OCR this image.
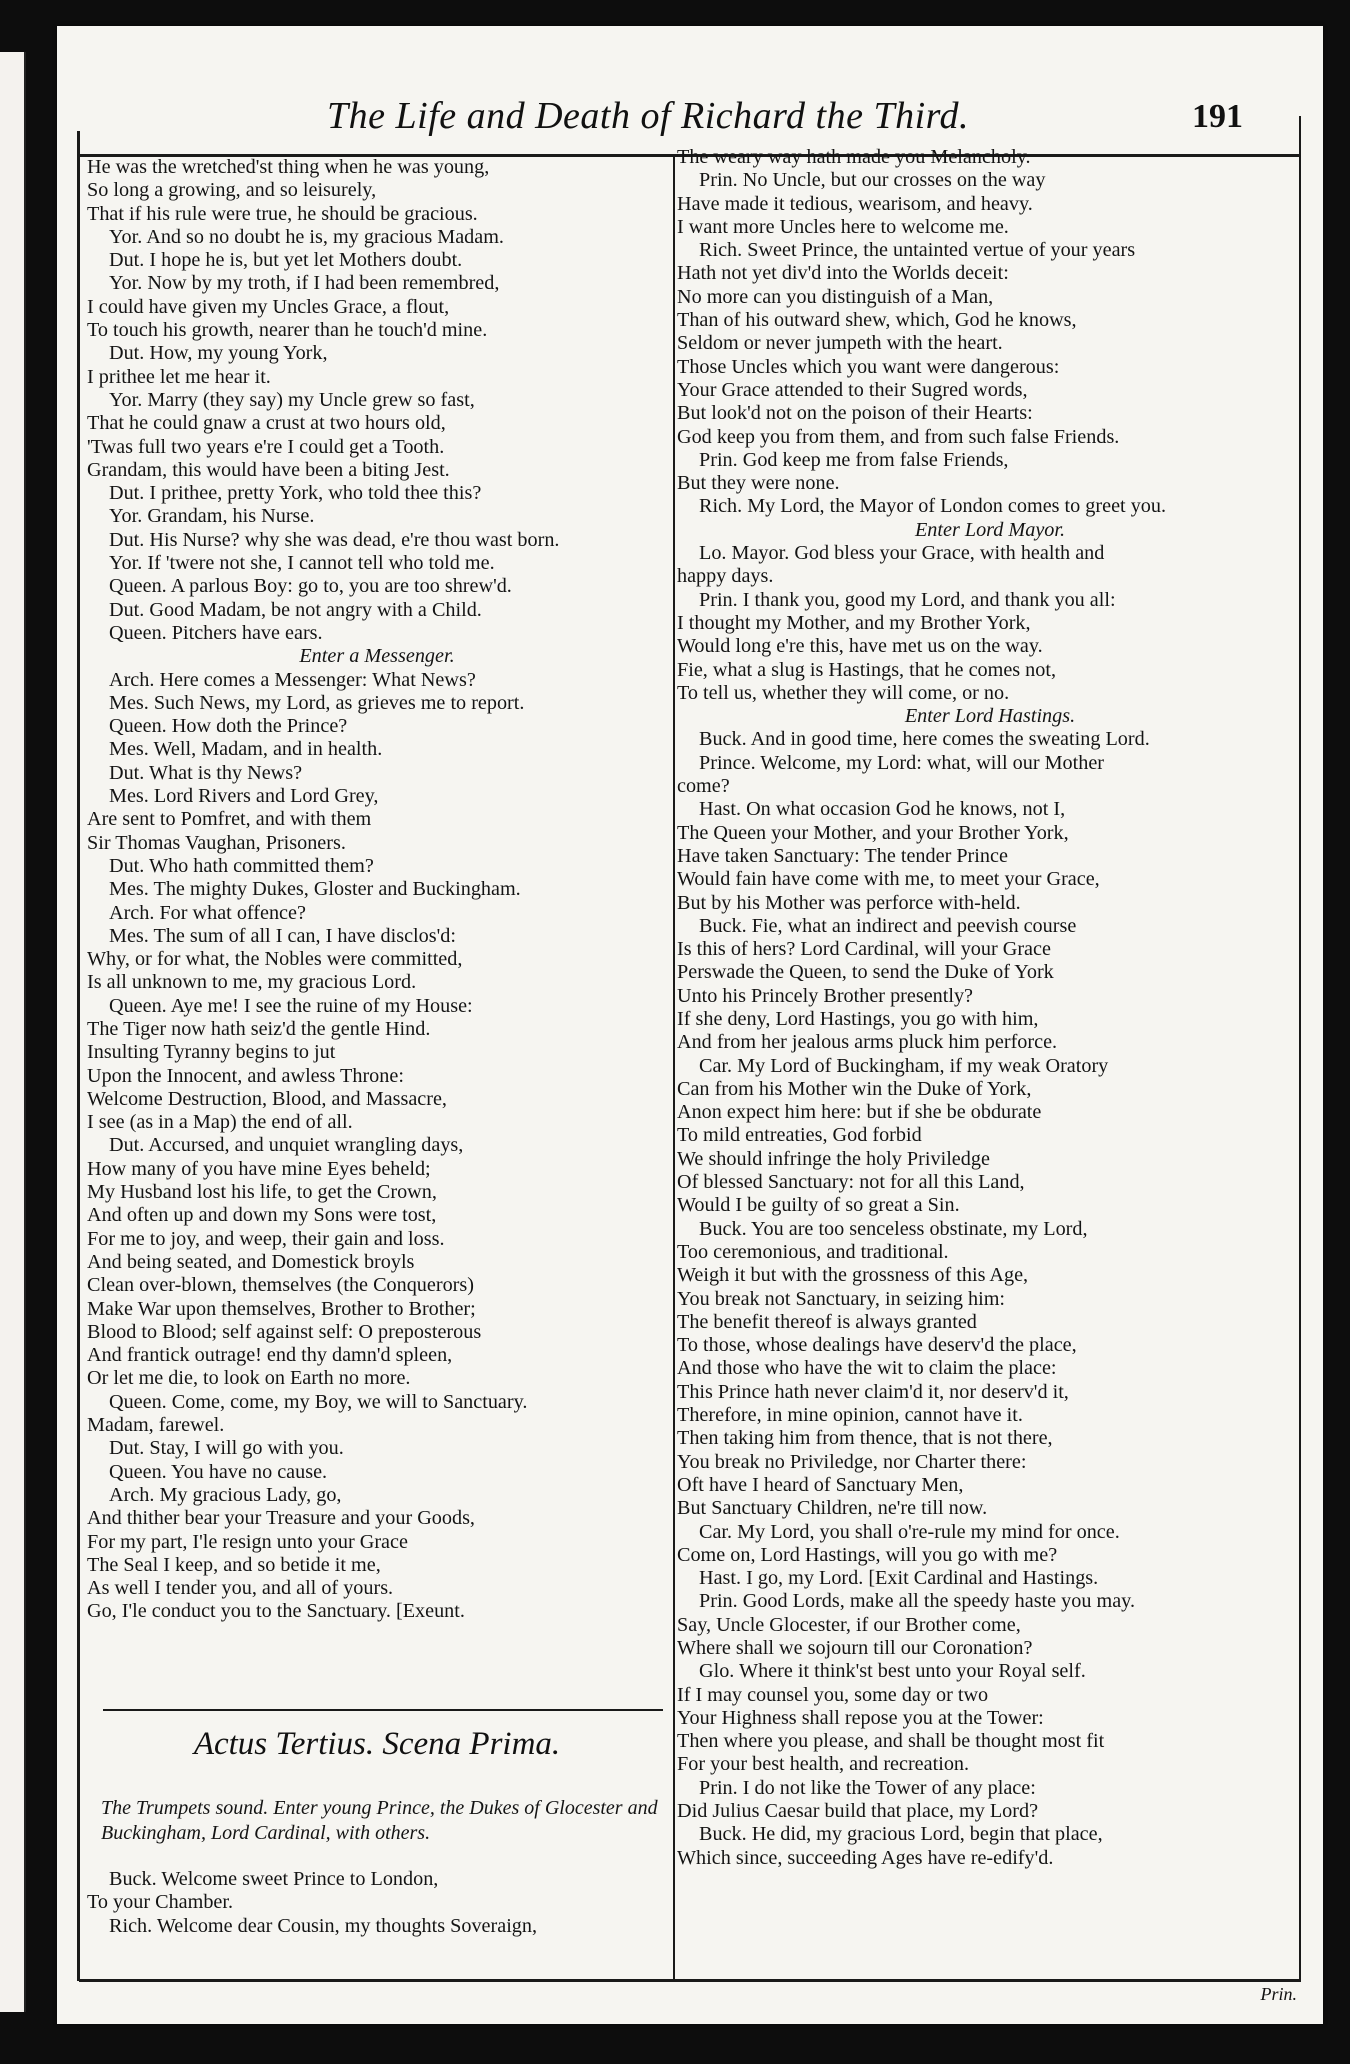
The Life and Death of Richard the Third.	191
He was the wretched'st thing when he was young,
So long a growing, and so leisurely,
That if his rule were true, he should be gracious.
Yor. And so no doubt he is, my gracious Madam.
Dut. I hope he is, but yet let Mothers doubt.
Yor. Now by my troth, if I had been remembred,
I could have given my Uncles Grace, a flout,
To touch his growth, nearer than he touch'd mine.
Dut. How, my young York,
I prithee let me hear it.
Yor. Marry (they say) my Uncle grew so fast,
That he could gnaw a crust at two hours old,
'Twas full two years e're I could get a Tooth.
Grandam, this would have been a biting Jest.
Dut. I prithee, pretty York, who told thee this?
Yor. Grandam, his Nurse.
Dut. His Nurse? why she was dead, e're thou wast born.
Yor. If 'twere not she, I cannot tell who told me.
Queen. A parlous Boy: go to, you are too shrew'd.
Dut. Good Madam, be not angry with a Child.
Queen. Pitchers have ears.
Enter a Messenger.
Arch. Here comes a Messenger: What News?
Mes. Such News, my Lord, as grieves me to report.
Queen. How doth the Prince?
Mes. Well, Madam, and in health.
Dut. What is thy News?
Mes. Lord Rivers and Lord Grey,
Are sent to Pomfret, and with them
Sir Thomas Vaughan, Prisoners.
Dut. Who hath committed them?
Mes. The mighty Dukes, Gloster and Buckingham.
Arch. For what offence?
Mes. The sum of all I can, I have disclos'd:
Why, or for what, the Nobles were committed,
Is all unknown to me, my gracious Lord.
Queen. Aye me! I see the ruine of my House:
The Tiger now hath seiz'd the gentle Hind.
Insulting Tyranny begins to jut
Upon the Innocent, and awless Throne:
Welcome Destruction, Blood, and Massacre,
I see (as in a Map) the end of all.
Dut. Accursed, and unquiet wrangling days,
How many of you have mine Eyes beheld;
My Husband lost his life, to get the Crown,
And often up and down my Sons were tost,
For me to joy, and weep, their gain and loss.
And being seated, and Domestick broyls
Clean over-blown, themselves (the Conquerors)
Make War upon themselves, Brother to Brother;
Blood to Blood; self against self: O preposterous
And frantick outrage! end thy damn'd spleen,
Or let me die, to look on Earth no more.
Queen. Come, come, my Boy, we will to Sanctuary.
Madam, farewel.
Dut. Stay, I will go with you.
Queen. You have no cause.
Arch. My gracious Lady, go,
And thither bear your Treasure and your Goods,
For my part, I'le resign unto your Grace
The Seal I keep, and so betide it me,
As well I tender you, and all of yours.
Go, I'le conduct you to the Sanctuary. [Exeunt.
Actus Tertius. Scena Prima.
The Trumpets sound. Enter young Prince, the Dukes of Glocester and Buckingham, Lord Cardinal, with others.
Buck. Welcome sweet Prince to London,
To your Chamber.
Rich. Welcome dear Cousin, my thoughts Soveraign,
The weary way hath made you Melancholy.
Prin. No Uncle, but our crosses on the way
Have made it tedious, wearisom, and heavy.
I want more Uncles here to welcome me.
Rich. Sweet Prince, the untainted vertue of your years
Hath not yet div'd into the Worlds deceit:
No more can you distinguish of a Man,
Than of his outward shew, which, God he knows,
Seldom or never jumpeth with the heart.
Those Uncles which you want were dangerous:
Your Grace attended to their Sugred words,
But look'd not on the poison of their Hearts:
God keep you from them, and from such false Friends.
Prin. God keep me from false Friends,
But they were none.
Rich. My Lord, the Mayor of London comes to greet you.
Enter Lord Mayor.
Lo. Mayor. God bless your Grace, with health and
happy days.
Prin. I thank you, good my Lord, and thank you all:
I thought my Mother, and my Brother York,
Would long e're this, have met us on the way.
Fie, what a slug is Hastings, that he comes not,
To tell us, whether they will come, or no.
Enter Lord Hastings.
Buck. And in good time, here comes the sweating Lord.
Prince. Welcome, my Lord: what, will our Mother
come?
Hast. On what occasion God he knows, not I,
The Queen your Mother, and your Brother York,
Have taken Sanctuary: The tender Prince
Would fain have come with me, to meet your Grace,
But by his Mother was perforce with-held.
Buck. Fie, what an indirect and peevish course
Is this of hers? Lord Cardinal, will your Grace
Perswade the Queen, to send the Duke of York
Unto his Princely Brother presently?
If she deny, Lord Hastings, you go with him,
And from her jealous arms pluck him perforce.
Car. My Lord of Buckingham, if my weak Oratory
Can from his Mother win the Duke of York,
Anon expect him here: but if she be obdurate
To mild entreaties, God forbid
We should infringe the holy Priviledge
Of blessed Sanctuary: not for all this Land,
Would I be guilty of so great a Sin.
Buck. You are too senceless obstinate, my Lord,
Too ceremonious, and traditional.
Weigh it but with the grossness of this Age,
You break not Sanctuary, in seizing him:
The benefit thereof is always granted
To those, whose dealings have deserv'd the place,
And those who have the wit to claim the place:
This Prince hath never claim'd it, nor deserv'd it,
Therefore, in mine opinion, cannot have it.
Then taking him from thence, that is not there,
You break no Priviledge, nor Charter there:
Oft have I heard of Sanctuary Men,
But Sanctuary Children, ne're till now.
Car. My Lord, you shall o're-rule my mind for once.
Come on, Lord Hastings, will you go with me?
Hast. I go, my Lord. [Exit Cardinal and Hastings.
Prin. Good Lords, make all the speedy haste you may.
Say, Uncle Glocester, if our Brother come,
Where shall we sojourn till our Coronation?
Glo. Where it think'st best unto your Royal self.
If I may counsel you, some day or two
Your Highness shall repose you at the Tower:
Then where you please, and shall be thought most fit
For your best health, and recreation.
Prin. I do not like the Tower of any place:
Did Julius Caesar build that place, my Lord?
Buck. He did, my gracious Lord, begin that place,
Which since, succeeding Ages have re-edify'd.
Prin.
